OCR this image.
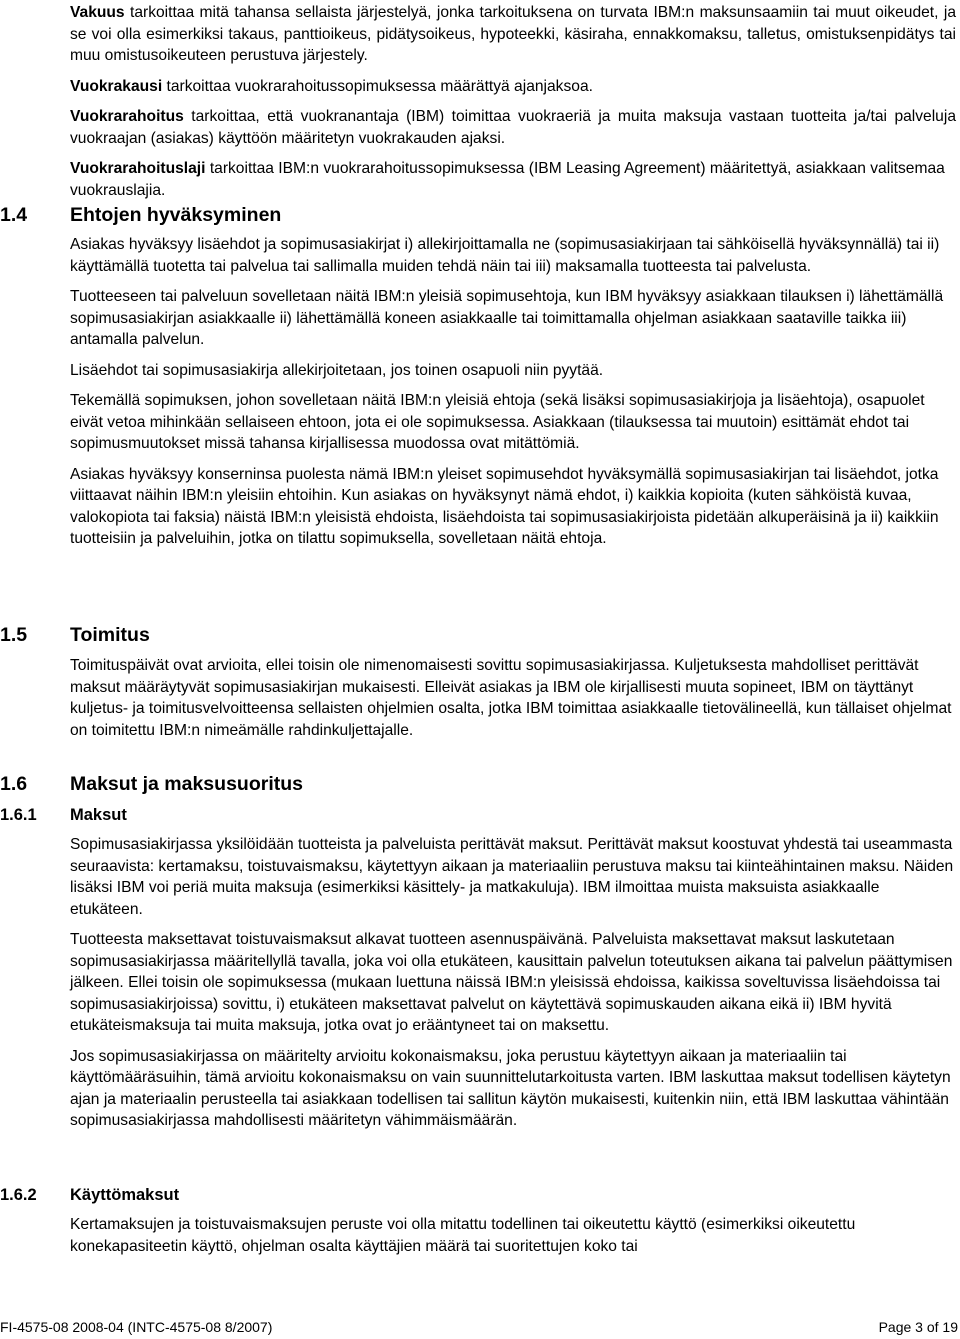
Vakuus tarkoittaa mitä tahansa sellaista järjestelyä, jonka tarkoituksena on turvata IBM:n maksunsaamiin tai muut oikeudet, ja se voi olla esimerkiksi takaus, panttioikeus, pidätysoikeus, hypoteekki, käsiraha, ennakkomaksu, talletus, omistuksenpidätys tai muu omistusoikeuteen perustuva järjestely.

Vuokrakausi tarkoittaa vuokrarahoitussopimuksessa määrättyä ajanjaksoa.

Vuokrarahoitus tarkoittaa, että vuokranantaja (IBM) toimittaa vuokraeriä ja muita maksuja vastaan tuotteita ja/tai palveluja vuokraajan (asiakas) käyttöön määritetyn vuokrakauden ajaksi.

Vuokrarahoituslaji tarkoittaa IBM:n vuokrarahoitussopimuksessa (IBM Leasing Agreement) määritettyä, asiakkaan valitsemaa vuokrauslajia.

1.4 Ehtojen hyväksyminen

Asiakas hyväksyy lisäehdot ja sopimusasiakirjat i) allekirjoittamalla ne (sopimusasiakirjaan tai sähköisellä hyväksynnällä) tai ii) käyttämällä tuotetta tai palvelua tai sallimalla muiden tehdä näin tai iii) maksamalla tuotteesta tai palvelusta.

Tuotteeseen tai palveluun sovelletaan näitä IBM:n yleisiä sopimusehtoja, kun IBM hyväksyy asiakkaan tilauksen i) lähettämällä sopimusasiakirjan asiakkaalle ii) lähettämällä koneen asiakkaalle tai toimittamalla ohjelman asiakkaan saataville taikka iii) antamalla palvelun.

Lisäehdot tai sopimusasiakirja allekirjoitetaan, jos toinen osapuoli niin pyytää.

Tekemällä sopimuksen, johon sovelletaan näitä IBM:n yleisiä ehtoja (sekä lisäksi sopimusasiakirjoja ja lisäehtoja), osapuolet eivät vetoa mihinkään sellaiseen ehtoon, jota ei ole sopimuksessa. Asiakkaan (tilauksessa tai muutoin) esittämät ehdot tai sopimusmuutokset missä tahansa kirjallisessa muodossa ovat mitättömiä.

Asiakas hyväksyy konserninsa puolesta nämä IBM:n yleiset sopimusehdot hyväksymällä sopimusasiakirjan tai lisäehdot, jotka viittaavat näihin IBM:n yleisiin ehtoihin. Kun asiakas on hyväksynyt nämä ehdot, i) kaikkia kopioita (kuten sähköistä kuvaa, valokopiota tai faksia) näistä IBM:n yleisistä ehdoista, lisäehdoista tai sopimusasiakirjoista pidetään alkuperäisinä ja ii) kaikkiin tuotteisiin ja palveluihin, jotka on tilattu sopimuksella, sovelletaan näitä ehtoja.

1.5 Toimitus

Toimituspäivät ovat arvioita, ellei toisin ole nimenomaisesti sovittu sopimusasiakirjassa. Kuljetuksesta mahdolliset perittävät maksut määräytyvät sopimusasiakirjan mukaisesti. Elleivät asiakas ja IBM ole kirjallisesti muuta sopineet, IBM on täyttänyt kuljetus- ja toimitusvelvoitteensa sellaisten ohjelmien osalta, jotka IBM toimittaa asiakkaalle tietovälineellä, kun tällaiset ohjelmat on toimitettu IBM:n nimeämälle rahdinkuljettajalle.

1.6 Maksut ja maksusuoritus
1.6.1 Maksut

Sopimusasiakirjassa yksilöidään tuotteista ja palveluista perittävät maksut. Perittävät maksut koostuvat yhdestä tai useammasta seuraavista: kertamaksu, toistuvaismaksu, käytettyyn aikaan ja materiaaliin perustuva maksu tai kiinteähintainen maksu. Näiden lisäksi IBM voi periä muita maksuja (esimerkiksi käsittely- ja matkakuluja). IBM ilmoittaa muista maksuista asiakkaalle etukäteen.

Tuotteesta maksettavat toistuvaismaksut alkavat tuotteen asennuspäivänä. Palveluista maksettavat maksut laskutetaan sopimusasiakirjassa määritellyllä tavalla, joka voi olla etukäteen, kausittain palvelun toteutuksen aikana tai palvelun päättymisen jälkeen. Ellei toisin ole sopimuksessa (mukaan luettuna näissä IBM:n yleisissä ehdoissa, kaikissa soveltuvissa lisäehdoissa tai sopimusasiakirjoissa) sovittu, i) etukäteen maksettavat palvelut on käytettävä sopimuskauden aikana eikä ii) IBM hyvitä etukäteismaksuja tai muita maksuja, jotka ovat jo erääntyneet tai on maksettu.

Jos sopimusasiakirjassa on määritelty arvioitu kokonaismaksu, joka perustuu käytettyyn aikaan ja materiaaliin tai käyttömääräsuihin, tämä arvioitu kokonaismaksu on vain suunnittelutarkoitusta varten. IBM laskuttaa maksut todellisen käytetyn ajan ja materiaalin perusteella tai asiakkaan todellisen tai sallitun käytön mukaisesti, kuitenkin niin, että IBM laskuttaa vähintään sopimusasiakirjassa mahdollisesti määritetyn vähimmäismäärän.

1.6.2 Käyttömaksut

Kertamaksujen ja toistuvaismaksujen peruste voi olla mitattu todellinen tai oikeutettu käyttö (esimerkiksi oikeutettu konekapasiteetin käyttö, ohjelman osalta käyttäjien määrä tai suoritettujen koko tai

FI-4575-08 2008-04 (INTC-4575-08 8/2007)	Page 3 of 19
